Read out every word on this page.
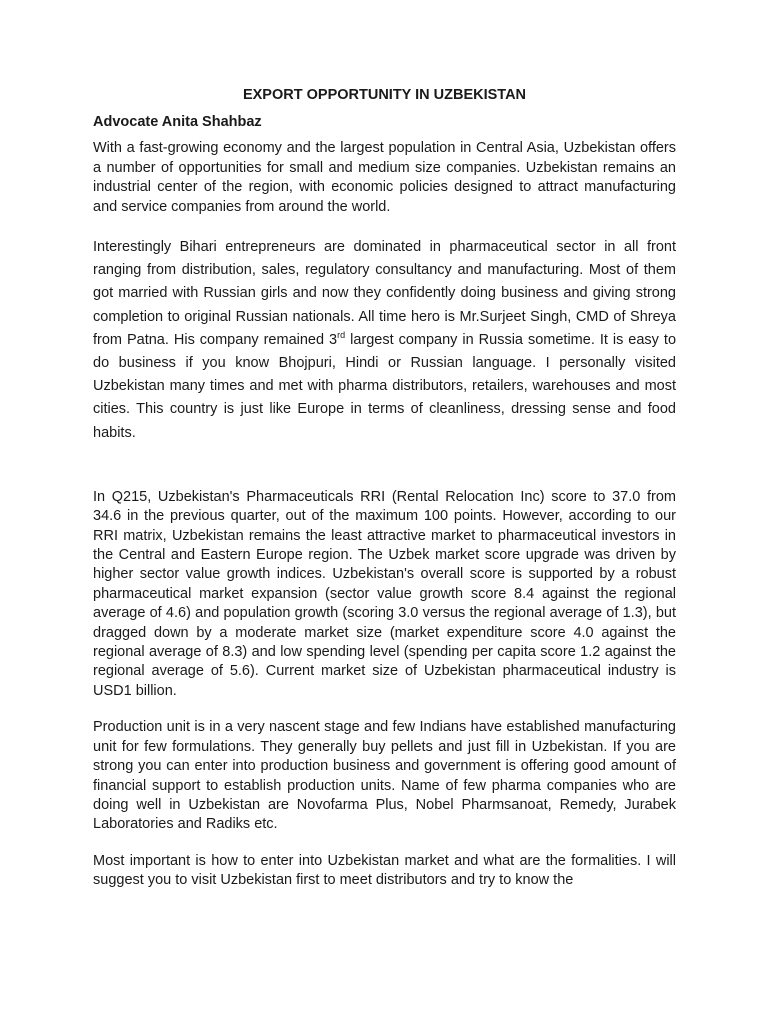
EXPORT OPPORTUNITY IN UZBEKISTAN
Advocate Anita Shahbaz

With a fast-growing economy and the largest population in Central Asia, Uzbekistan offers a number of opportunities for small and medium size companies. Uzbekistan remains an industrial center of the region, with economic policies designed to attract manufacturing and service companies from around the world.

Interestingly Bihari entrepreneurs are dominated in pharmaceutical sector in all front ranging from distribution, sales, regulatory consultancy and manufacturing. Most of them got married with Russian girls and now they confidently doing business and giving strong completion to original Russian nationals. All time hero is Mr.Surjeet Singh, CMD of Shreya from Patna. His company remained 3rd largest company in Russia sometime. It is easy to do business if you know Bhojpuri, Hindi or Russian language. I personally visited Uzbekistan many times and met with pharma distributors, retailers, warehouses and most cities. This country is just like Europe in terms of cleanliness, dressing sense and food habits.

In Q215, Uzbekistan's Pharmaceuticals RRI (Rental Relocation Inc) score to 37.0 from 34.6 in the previous quarter, out of the maximum 100 points. However, according to our RRI matrix, Uzbekistan remains the least attractive market to pharmaceutical investors in the Central and Eastern Europe region. The Uzbek market score upgrade was driven by higher sector value growth indices. Uzbekistan's overall score is supported by a robust pharmaceutical market expansion (sector value growth score 8.4 against the regional average of 4.6) and population growth (scoring 3.0 versus the regional average of 1.3), but dragged down by a moderate market size (market expenditure score 4.0 against the regional average of 8.3) and low spending level (spending per capita score 1.2 against the regional average of 5.6). Current market size of Uzbekistan pharmaceutical industry is USD1 billion.

Production unit is in a very nascent stage and few Indians have established manufacturing unit for few formulations. They generally buy pellets and just fill in Uzbekistan. If you are strong you can enter into production business and government is offering good amount of financial support to establish production units. Name of few pharma companies who are doing well in Uzbekistan are Novofarma Plus, Nobel Pharmsanoat, Remedy, Jurabek Laboratories and Radiks etc.

Most important is how to enter into Uzbekistan market and what are the formalities. I will suggest you to visit Uzbekistan first to meet distributors and try to know the
